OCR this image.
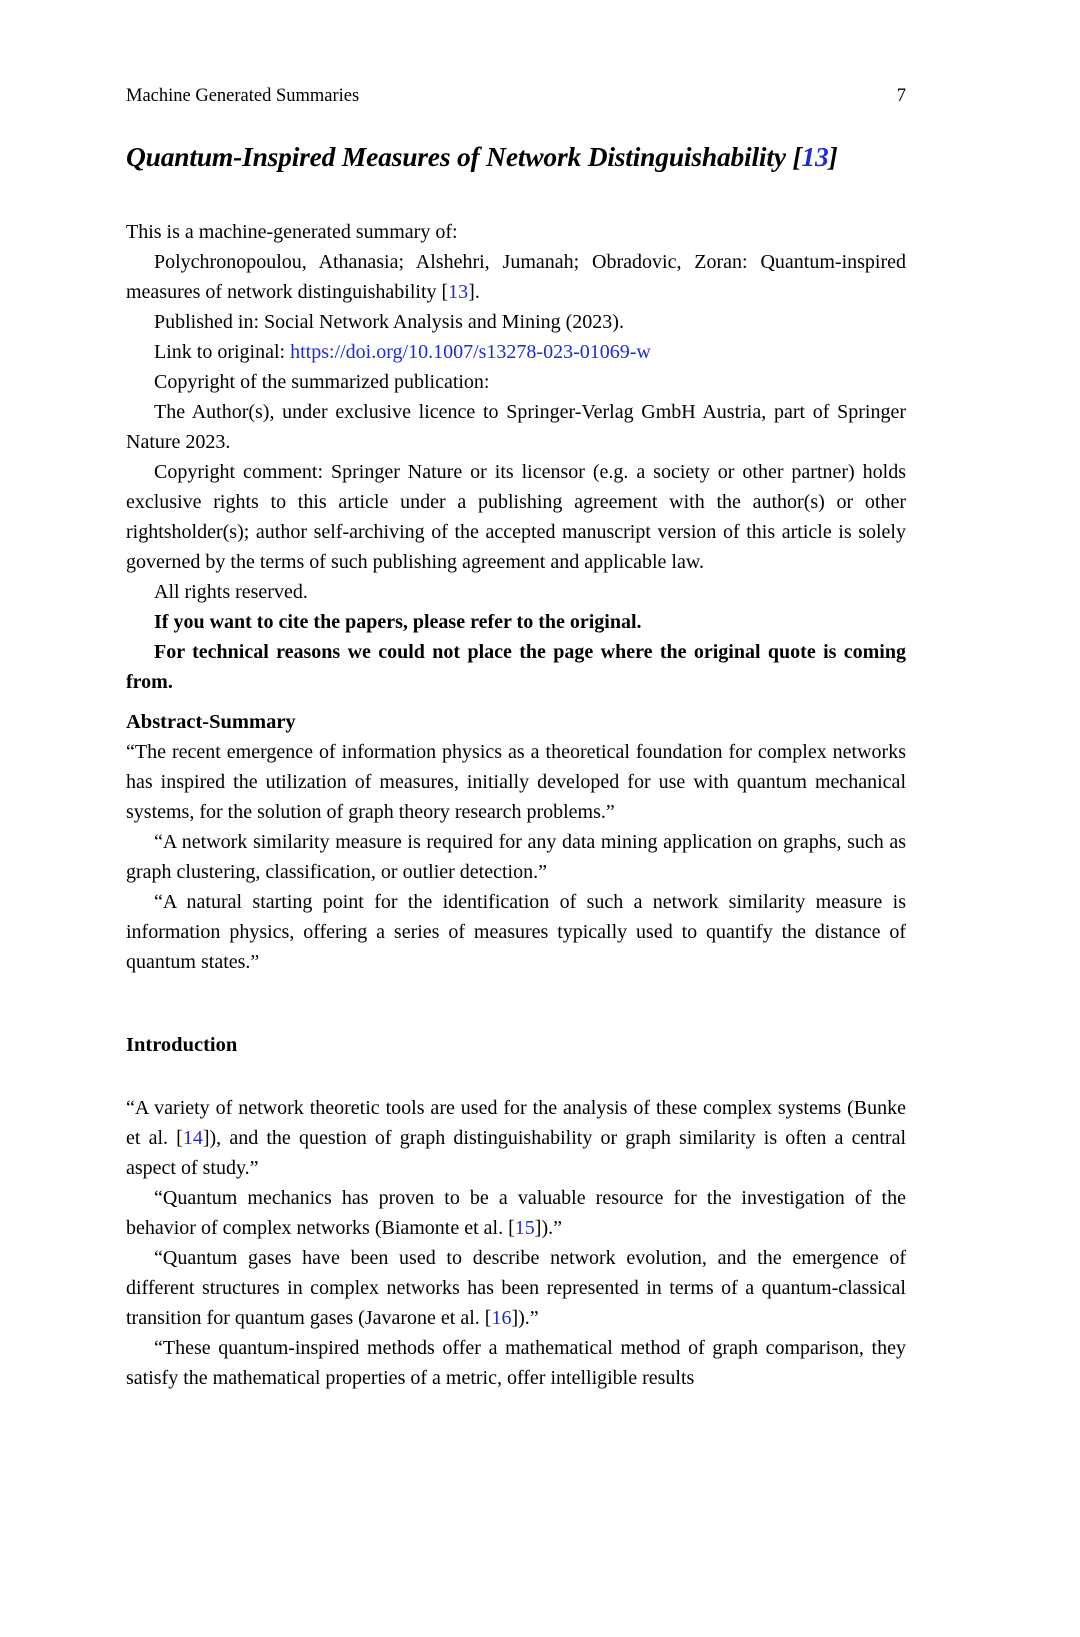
Machine Generated Summaries	7
Quantum-Inspired Measures of Network Distinguishability [13]

This is a machine-generated summary of:

Polychronopoulou, Athanasia; Alshehri, Jumanah; Obradovic, Zoran: Quantum-inspired measures of network distinguishability [13].

Published in: Social Network Analysis and Mining (2023).

Link to original: https://doi.org/10.1007/s13278-023-01069-w

Copyright of the summarized publication:

The Author(s), under exclusive licence to Springer-Verlag GmbH Austria, part of Springer Nature 2023.

Copyright comment: Springer Nature or its licensor (e.g. a society or other partner) holds exclusive rights to this article under a publishing agreement with the author(s) or other rightsholder(s); author self-archiving of the accepted manuscript version of this article is solely governed by the terms of such publishing agreement and applicable law.

All rights reserved.

If you want to cite the papers, please refer to the original.

For technical reasons we could not place the page where the original quote is coming from.

Abstract-Summary

“The recent emergence of information physics as a theoretical foundation for complex networks has inspired the utilization of measures, initially developed for use with quantum mechanical systems, for the solution of graph theory research problems.”

“A network similarity measure is required for any data mining application on graphs, such as graph clustering, classification, or outlier detection.”

“A natural starting point for the identification of such a network similarity measure is information physics, offering a series of measures typically used to quantify the distance of quantum states.”

Introduction

“A variety of network theoretic tools are used for the analysis of these complex systems (Bunke et al. [14]), and the question of graph distinguishability or graph similarity is often a central aspect of study.”

“Quantum mechanics has proven to be a valuable resource for the investigation of the behavior of complex networks (Biamonte et al. [15]).”

“Quantum gases have been used to describe network evolution, and the emergence of different structures in complex networks has been represented in terms of a quantum-classical transition for quantum gases (Javarone et al. [16]).”

“These quantum-inspired methods offer a mathematical method of graph comparison, they satisfy the mathematical properties of a metric, offer intelligible results
